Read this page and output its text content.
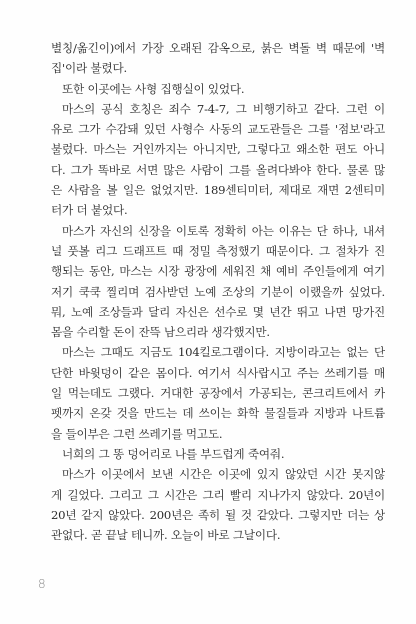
별칭/옮긴이)에서 가장 오래된 감옥으로, 붉은 벽돌 벽 때문에 '벽
집'이라 불렸다.
또한 이곳에는 사형 집행실이 있었다.
마스의 공식 호칭은 죄수 7-4-7, 그 비행기하고 같다. 그런 이
유로 그가 수감돼 있던 사형수 사동의 교도관들은 그를 '점보'라고
불렀다. 마스는 거인까지는 아니지만, 그렇다고 왜소한 편도 아니
다. 그가 똑바로 서면 많은 사람이 그를 올려다봐야 한다. 물론 많
은 사람을 볼 일은 없었지만. 189센티미터, 제대로 재면 2센티미
터가 더 붙었다.
마스가 자신의 신장을 이토록 정확히 아는 이유는 단 하나, 내셔
널 풋볼 리그 드래프트 때 정밀 측정했기 때문이다. 그 절차가 진
행되는 동안, 마스는 시장 광장에 세워진 채 예비 주인들에게 여기
저기 쿡쿡 찔리며 검사받던 노예 조상의 기분이 이랬을까 싶었다.
뭐, 노예 조상들과 달리 자신은 선수로 몇 년간 뛰고 나면 망가진
몸을 수리할 돈이 잔뜩 남으리라 생각했지만.
마스는 그때도 지금도 104킬로그램이다. 지방이라고는 없는 단
단한 바윗덩이 같은 몸이다. 여기서 식사랍시고 주는 쓰레기를 매
일 먹는데도 그랬다. 거대한 공장에서 가공되는, 콘크리트에서 카
펫까지 온갖 것을 만드는 데 쓰이는 화학 물질들과 지방과 나트륨
을 들이부은 그런 쓰레기를 먹고도.
너희의 그 똥 덩어리로 나를 부드럽게 죽여줘.
마스가 이곳에서 보낸 시간은 이곳에 있지 않았던 시간 못지않
게 길었다. 그리고 그 시간은 그리 빨리 지나가지 않았다. 20년이
20년 같지 않았다. 200년은 족히 될 것 같았다. 그렇지만 더는 상
관없다. 곧 끝날 테니까. 오늘이 바로 그날이다.
8
